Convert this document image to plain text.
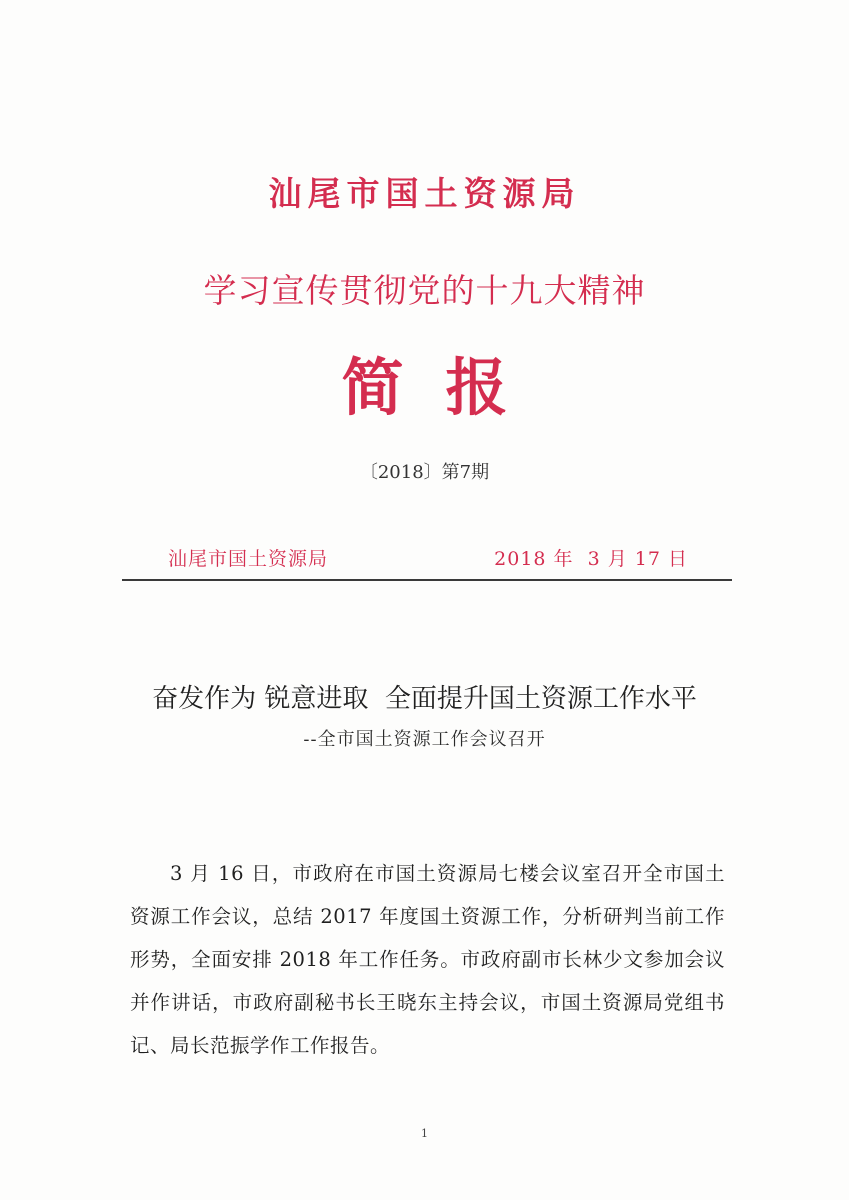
汕尾市国土资源局
学习宣传贯彻党的十九大精神
简报
〔2018〕第7期
汕尾市国土资源局	2018 年  3 月 17 日
奋发作为 锐意进取  全面提升国土资源工作水平
--全市国土资源工作会议召开
3 月 16 日，市政府在市国土资源局七楼会议室召开全市国土资源工作会议，总结 2017 年度国土资源工作，分析研判当前工作形势，全面安排 2018 年工作任务。市政府副市长林少文参加会议并作讲话，市政府副秘书长王晓东主持会议，市国土资源局党组书记、局长范振学作工作报告。
1
